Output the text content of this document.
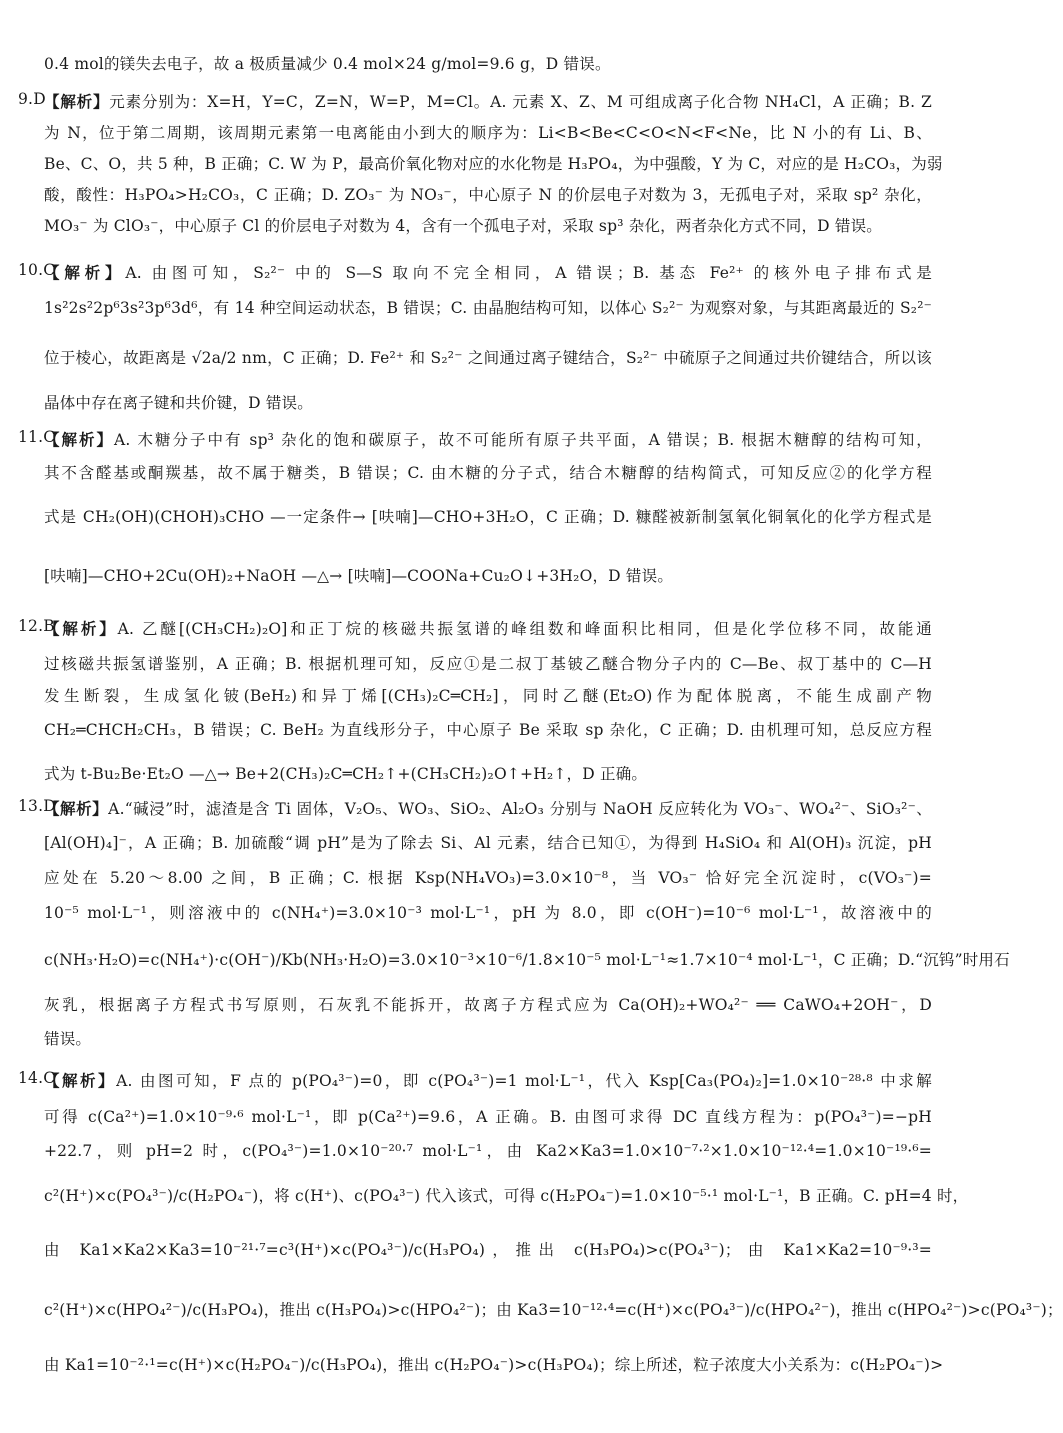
0.4 mol的镁失去电子，故 a 极质量减少 0.4 mol×24 g/mol=9.6 g，D 错误。
9.D
【解析】元素分别为：X=H，Y=C，Z=N，W=P，M=Cl。A. 元素 X、Z、M 可组成离子化合物 NH₄Cl，A 正确；B. Z
为 N，位于第二周期，该周期元素第一电离能由小到大的顺序为：Li<B<Be<C<O<N<F<Ne，比 N 小的有 Li、B、
Be、C、O，共 5 种，B 正确；C. W 为 P，最高价氧化物对应的水化物是 H₃PO₄，为中强酸，Y 为 C，对应的是 H₂CO₃，为弱
酸，酸性：H₃PO₄>H₂CO₃，C 正确；D. ZO₃⁻ 为 NO₃⁻，中心原子 N 的价层电子对数为 3，无孤电子对，采取 sp² 杂化，
MO₃⁻ 为 ClO₃⁻，中心原子 Cl 的价层电子对数为 4，含有一个孤电子对，采取 sp³ 杂化，两者杂化方式不同，D 错误。
10.C
【解析】A. 由图可知，S₂²⁻ 中的 S—S 取向不完全相同，A 错误；B. 基态 Fe²⁺ 的核外电子排布式是
1s²2s²2p⁶3s²3p⁶3d⁶，有 14 种空间运动状态，B 错误；C. 由晶胞结构可知，以体心 S₂²⁻ 为观察对象，与其距离最近的 S₂²⁻
位于棱心，故距离是 √2a/2 nm，C 正确；D. Fe²⁺ 和 S₂²⁻ 之间通过离子键结合，S₂²⁻ 中硫原子之间通过共价键结合，所以该
晶体中存在离子键和共价键，D 错误。
11.C
【解析】A. 木糖分子中有 sp³ 杂化的饱和碳原子，故不可能所有原子共平面，A 错误；B. 根据木糖醇的结构可知，
其不含醛基或酮羰基，故不属于糖类，B 错误；C. 由木糖的分子式，结合木糖醇的结构简式，可知反应②的化学方程
式是 CH₂(OH)(CHOH)₃CHO —一定条件→ [呋喃]—CHO+3H₂O，C 正确；D. 糠醛被新制氢氧化铜氧化的化学方程式是
[呋喃]—CHO+2Cu(OH)₂+NaOH —△→ [呋喃]—COONa+Cu₂O↓+3H₂O，D 错误。
12.B
【解析】A. 乙醚[(CH₃CH₂)₂O]和正丁烷的核磁共振氢谱的峰组数和峰面积比相同，但是化学位移不同，故能通
过核磁共振氢谱鉴别，A 正确；B. 根据机理可知，反应①是二叔丁基铍乙醚合物分子内的 C—Be、叔丁基中的 C—H
发生断裂，生成氢化铍(BeH₂)和异丁烯[(CH₃)₂C═CH₂]，同时乙醚(Et₂O)作为配体脱离，不能生成副产物
CH₂═CHCH₂CH₃，B 错误；C. BeH₂ 为直线形分子，中心原子 Be 采取 sp 杂化，C 正确；D. 由机理可知，总反应方程
式为 t-Bu₂Be·Et₂O —△→ Be+2(CH₃)₂C═CH₂↑+(CH₃CH₂)₂O↑+H₂↑，D 正确。
13.D
【解析】A.“碱浸”时，滤渣是含 Ti 固体，V₂O₅、WO₃、SiO₂、Al₂O₃ 分别与 NaOH 反应转化为 VO₃⁻、WO₄²⁻、SiO₃²⁻、
[Al(OH)₄]⁻，A 正确；B. 加硫酸“调 pH”是为了除去 Si、Al 元素，结合已知①，为得到 H₄SiO₄ 和 Al(OH)₃ 沉淀，pH
应处在 5.20～8.00 之间，B 正确；C. 根据 Ksp(NH₄VO₃)=3.0×10⁻⁸，当 VO₃⁻ 恰好完全沉淀时，c(VO₃⁻)=
10⁻⁵ mol·L⁻¹，则溶液中的 c(NH₄⁺)=3.0×10⁻³ mol·L⁻¹，pH 为 8.0，即 c(OH⁻)=10⁻⁶ mol·L⁻¹，故溶液中的
c(NH₃·H₂O)=c(NH₄⁺)·c(OH⁻)/Kb(NH₃·H₂O)=3.0×10⁻³×10⁻⁶/1.8×10⁻⁵ mol·L⁻¹≈1.7×10⁻⁴ mol·L⁻¹，C 正确；D.“沉钨”时用石
灰乳，根据离子方程式书写原则，石灰乳不能拆开，故离子方程式应为 Ca(OH)₂+WO₄²⁻ ══ CaWO₄+2OH⁻，D
错误。
14.C
【解析】A. 由图可知，F 点的 p(PO₄³⁻)=0，即 c(PO₄³⁻)=1 mol·L⁻¹，代入 Ksp[Ca₃(PO₄)₂]=1.0×10⁻²⁸·⁸ 中求解
可得 c(Ca²⁺)=1.0×10⁻⁹·⁶ mol·L⁻¹，即 p(Ca²⁺)=9.6，A 正确。B. 由图可求得 DC 直线方程为：p(PO₄³⁻)=−pH
+22.7，则 pH=2 时，c(PO₄³⁻)=1.0×10⁻²⁰·⁷ mol·L⁻¹，由 Ka2×Ka3=1.0×10⁻⁷·²×1.0×10⁻¹²·⁴=1.0×10⁻¹⁹·⁶=
c²(H⁺)×c(PO₄³⁻)/c(H₂PO₄⁻)，将 c(H⁺)、c(PO₄³⁻) 代入该式，可得 c(H₂PO₄⁻)=1.0×10⁻⁵·¹ mol·L⁻¹，B 正确。C. pH=4 时，
由 Ka1×Ka2×Ka3=10⁻²¹·⁷=c³(H⁺)×c(PO₄³⁻)/c(H₃PO₄)，推出 c(H₃PO₄)>c(PO₄³⁻)；由 Ka1×Ka2=10⁻⁹·³=
c²(H⁺)×c(HPO₄²⁻)/c(H₃PO₄)，推出 c(H₃PO₄)>c(HPO₄²⁻)；由 Ka3=10⁻¹²·⁴=c(H⁺)×c(PO₄³⁻)/c(HPO₄²⁻)，推出 c(HPO₄²⁻)>c(PO₄³⁻)；
由 Ka1=10⁻²·¹=c(H⁺)×c(H₂PO₄⁻)/c(H₃PO₄)，推出 c(H₂PO₄⁻)>c(H₃PO₄)；综上所述，粒子浓度大小关系为：c(H₂PO₄⁻)>
